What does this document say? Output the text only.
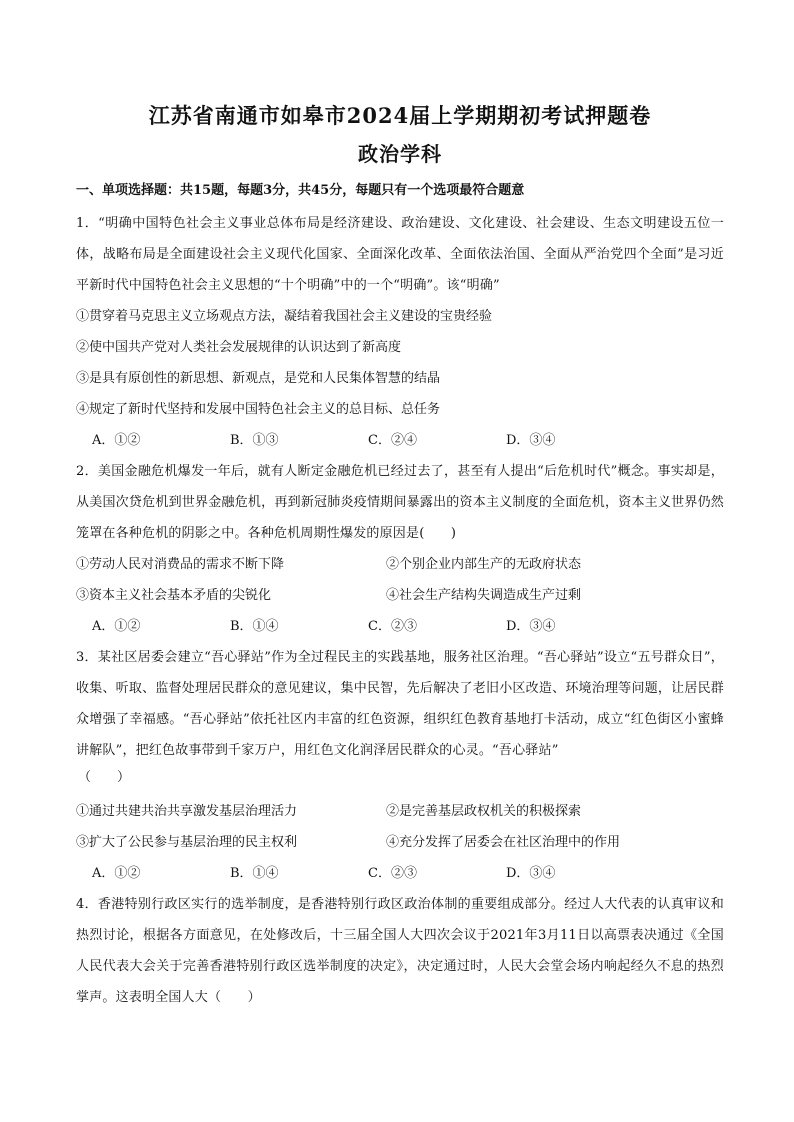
江苏省南通市如皋市2024届上学期期初考试押题卷
政治学科

一、单项选择题：共15题，每题3分，共45分，每题只有一个选项最符合题意

1．“明确中国特色社会主义事业总体布局是经济建设、政治建设、文化建设、社会建设、生态文明建设五位一体，战略布局是全面建设社会主义现代化国家、全面深化改革、全面依法治国、全面从严治党四个全面”是习近平新时代中国特色社会主义思想的“十个明确”中的一个“明确”。该“明确”

①贯穿着马克思主义立场观点方法，凝结着我国社会主义建设的宝贵经验

②使中国共产党对人类社会发展规律的认识达到了新高度

③是具有原创性的新思想、新观点，是党和人民集体智慧的结晶

④规定了新时代坚持和发展中国特色社会主义的总目标、总任务

A．①②	B．①③	C．②④	D．③④

2．美国金融危机爆发一年后，就有人断定金融危机已经过去了，甚至有人提出“后危机时代”概念。事实却是，从美国次贷危机到世界金融危机，再到新冠肺炎疫情期间暴露出的资本主义制度的全面危机，资本主义世界仍然笼罩在各种危机的阴影之中。各种危机周期性爆发的原因是(　　)

①劳动人民对消费品的需求不断下降	②个别企业内部生产的无政府状态
③资本主义社会基本矛盾的尖锐化	④社会生产结构失调造成生产过剩
A．①②	B．①④	C．②③	D．③④

3．某社区居委会建立“吾心驿站”作为全过程民主的实践基地，服务社区治理。“吾心驿站”设立“五号群众日”，收集、听取、监督处理居民群众的意见建议，集中民智，先后解决了老旧小区改造、环境治理等问题，让居民群众增强了幸福感。“吾心驿站”依托社区内丰富的红色资源，组织红色教育基地打卡活动，成立“红色街区小蜜蜂讲解队”，把红色故事带到千家万户，用红色文化润泽居民群众的心灵。“吾心驿站”

（　　）

①通过共建共治共享激发基层治理活力	②是完善基层政权机关的积极探索
③扩大了公民参与基层治理的民主权利	④充分发挥了居委会在社区治理中的作用
A．①②	B．①④	C．②③	D．③④

4．香港特别行政区实行的选举制度，是香港特别行政区政治体制的重要组成部分。经过人大代表的认真审议和热烈讨论，根据各方面意见，在处修改后，十三届全国人大四次会议于2021年3月11日以高票表决通过《全国人民代表大会关于完善香港特别行政区选举制度的决定》，决定通过时，人民大会堂会场内响起经久不息的热烈掌声。这表明全国人大（　　）
